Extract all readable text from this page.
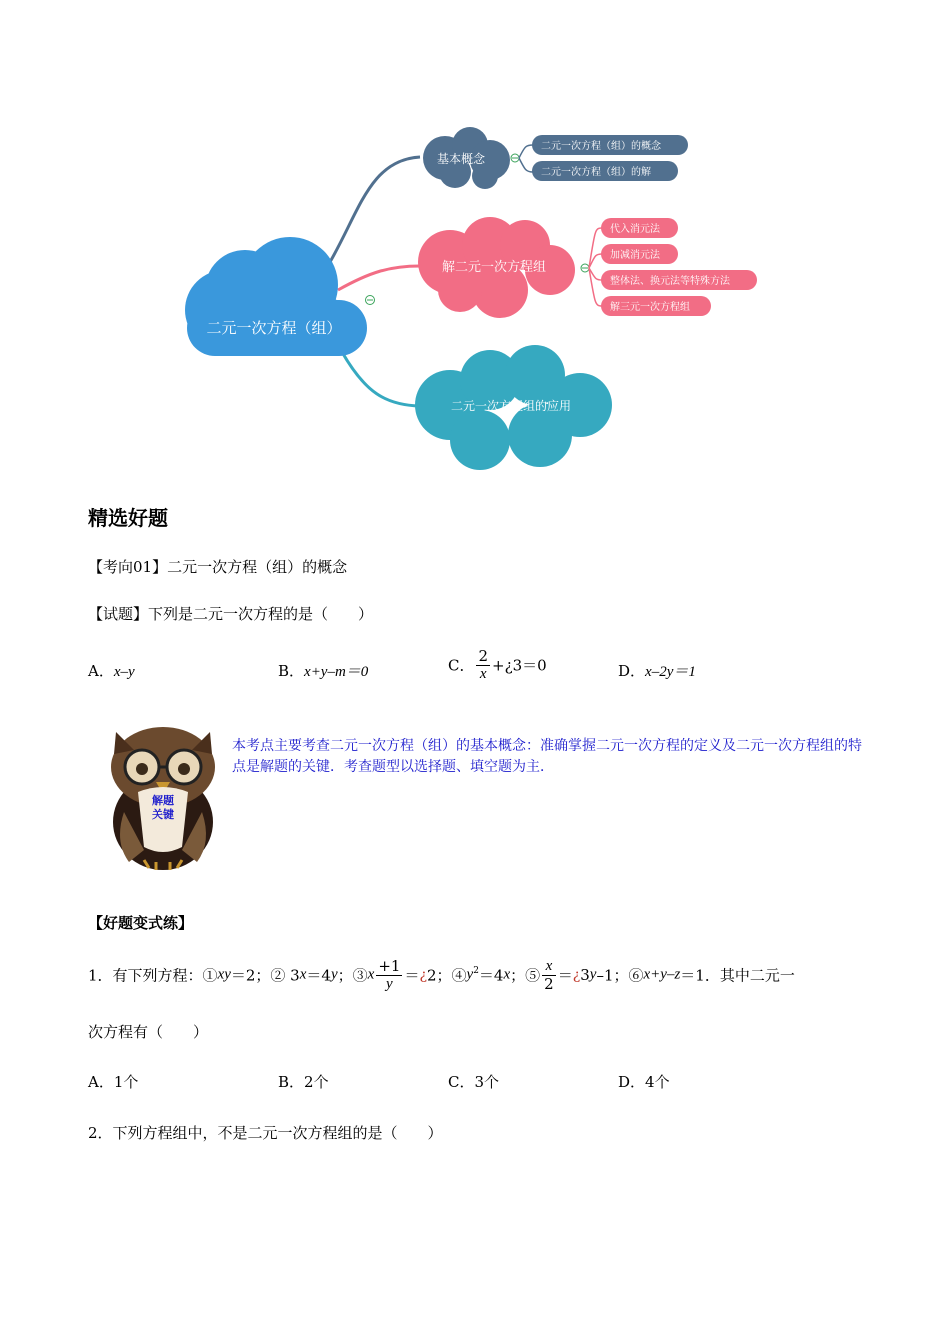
二元一次方程（组）
基本概念
二元一次方程（组）的概念
二元一次方程（组）的解
解二元一次方程组
代入消元法
加减消元法
整体法、换元法等特殊方法
解三元一次方程组
二元一次方程组的应用
精选好题
【考向01】二元一次方程（组）的概念
【试题】下列是二元一次方程的是（　　）
A．x–y	B．x+y–m＝0	C． $\frac{2}{x}$ +¿3＝0	D．x–2y＝1
解题
关键
本考点主要考查二元一次方程（组）的基本概念：准确掌握二元一次方程的定义及二元一次方程组的特点是解题的关键．考查题型以选择题、填空题为主．
【好题变式练】
1．有下列方程：①xy＝2；② 3x＝4y；③x $\frac{+1}{y}$ ＝¿2；$④y^2=4x$；⑤ $\frac{x}{2}$ ＝¿3y–1；⑥x+y–z＝1．其中二元一
次方程有（　　）
A．1个	B．2个	C．3个	D．4个
2．下列方程组中，不是二元一次方程组的是（　　）
